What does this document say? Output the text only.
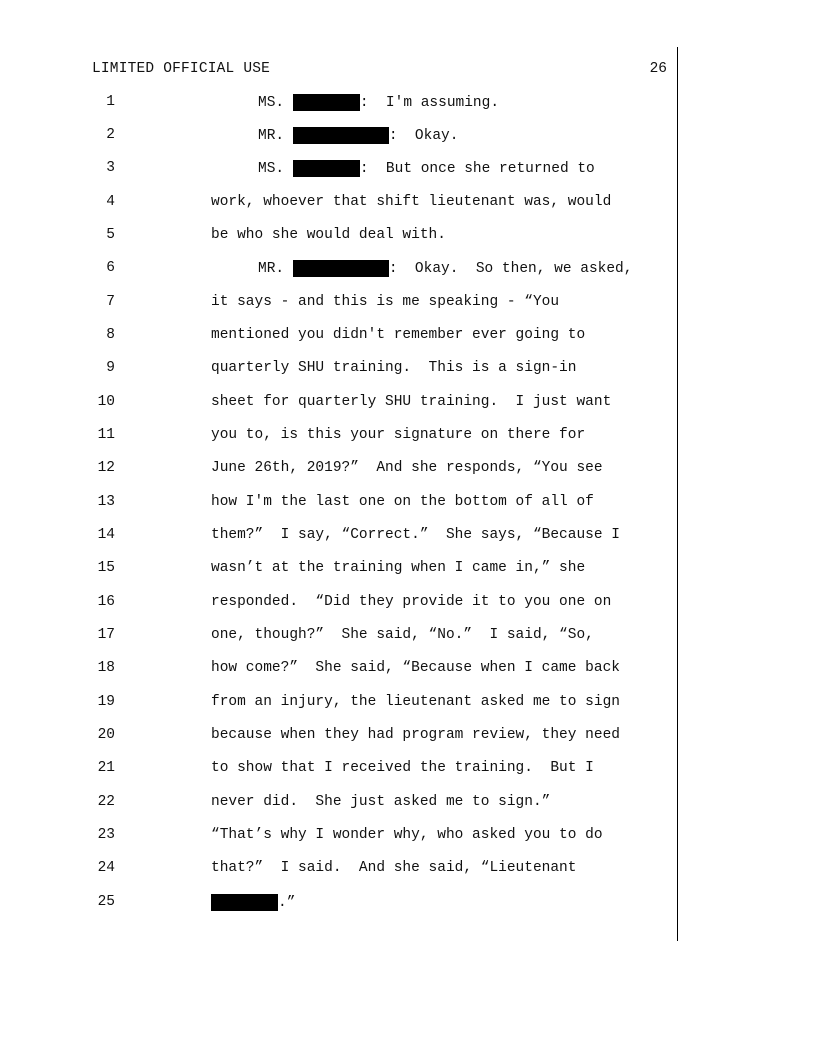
LIMITED OFFICIAL USE	26
1	MS.	:  I'm assuming.
2	MR.	:  Okay.
3	MS.	:  But once she returned to
4	work, whoever that shift lieutenant was, would
5	be who she would deal with.
6	MR.	:  Okay.  So then, we asked,
7	it says - and this is me speaking - “You
8	mentioned you didn't remember ever going to
9	quarterly SHU training.  This is a sign-in
10	sheet for quarterly SHU training.  I just want
11	you to, is this your signature on there for
12	June 26th, 2019?”  And she responds, “You see
13	how I'm the last one on the bottom of all of
14	them?”  I say, “Correct.”  She says, “Because I
15	wasn’t at the training when I came in,” she
16	responded.  “Did they provide it to you one on
17	one, though?”  She said, “No.”  I said, “So,
18	how come?”  She said, “Because when I came back
19	from an injury, the lieutenant asked me to sign
20	because when they had program review, they need
21	to show that I received the training.  But I
22	never did.  She just asked me to sign.”
23	“That’s why I wonder why, who asked you to do
24	that?”  I said.  And she said, “Lieutenant
25	.”
